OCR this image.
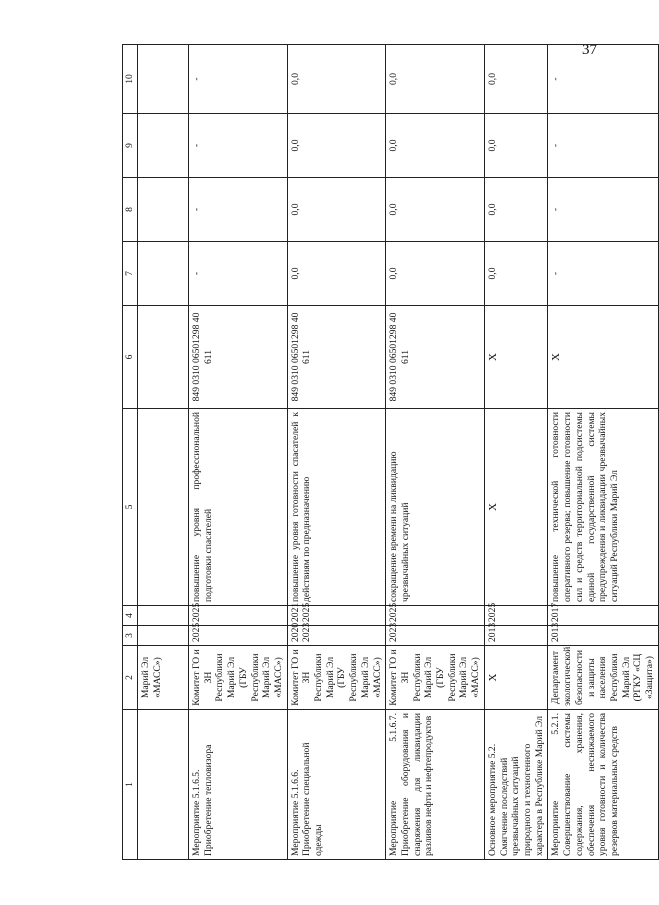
37
1	2	3	4	5	6	7	8	9	10
	Марий Эл «МАСС»)								
Мероприятие 5.1.6.5. Приобретение тепловизора	Комитет ГО и ЗН Республики Марий Эл (ГБУ Республики Марий Эл «МАСС»)	2025	2025	повышение уровня профессиональной подготовки спасателей	849 0310 06501298 40 611	-	-	-	-
Мероприятие 5.1.6.6. Приобретение специальной одежды	Комитет ГО и ЗН Республики Марий Эл (ГБУ Республики Марий Эл «МАСС»)	2020 2023	2021 2025	повышение уровня готовности спасателей к действиям по предназначению	849 0310 06501298 40 611	0,0	0,0	0,0	0,0
Мероприятие 5.1.6.7. Приобретение оборудования и снаряжения для ликвидации разливов нефти и нефтепродуктов	Комитет ГО и ЗН Республики Марий Эл (ГБУ Республики Марий Эл «МАСС»)	2023	2025	сокращение времени на ликвидацию чрезвычайных ситуаций	849 0310 06501298 40 611	0,0	0,0	0,0	0,0
Основное мероприятие 5.2. Смягчение последствий чрезвычайных ситуаций природного и техногенного характера в Республике Марий Эл	Х	2013	2025	Х	Х	0,0	0,0	0,0	0,0
Мероприятие 5.2.1. Совершенствование системы содержания, хранения, обеспечения неснижаемого уровня готовности и количества резервов материальных средств	Департамент экологической безопасности и защиты населения Республики Марий Эл (РГКУ «СЦ «Защита»)	2013	2017	повышение технической готовности оперативного резерва; повышение готовности сил и средств территориальной подсистемы единой государственной системы предупреждения и ликвидации чрезвычайных ситуаций Республики Марий Эл	Х	-	-	-	-
